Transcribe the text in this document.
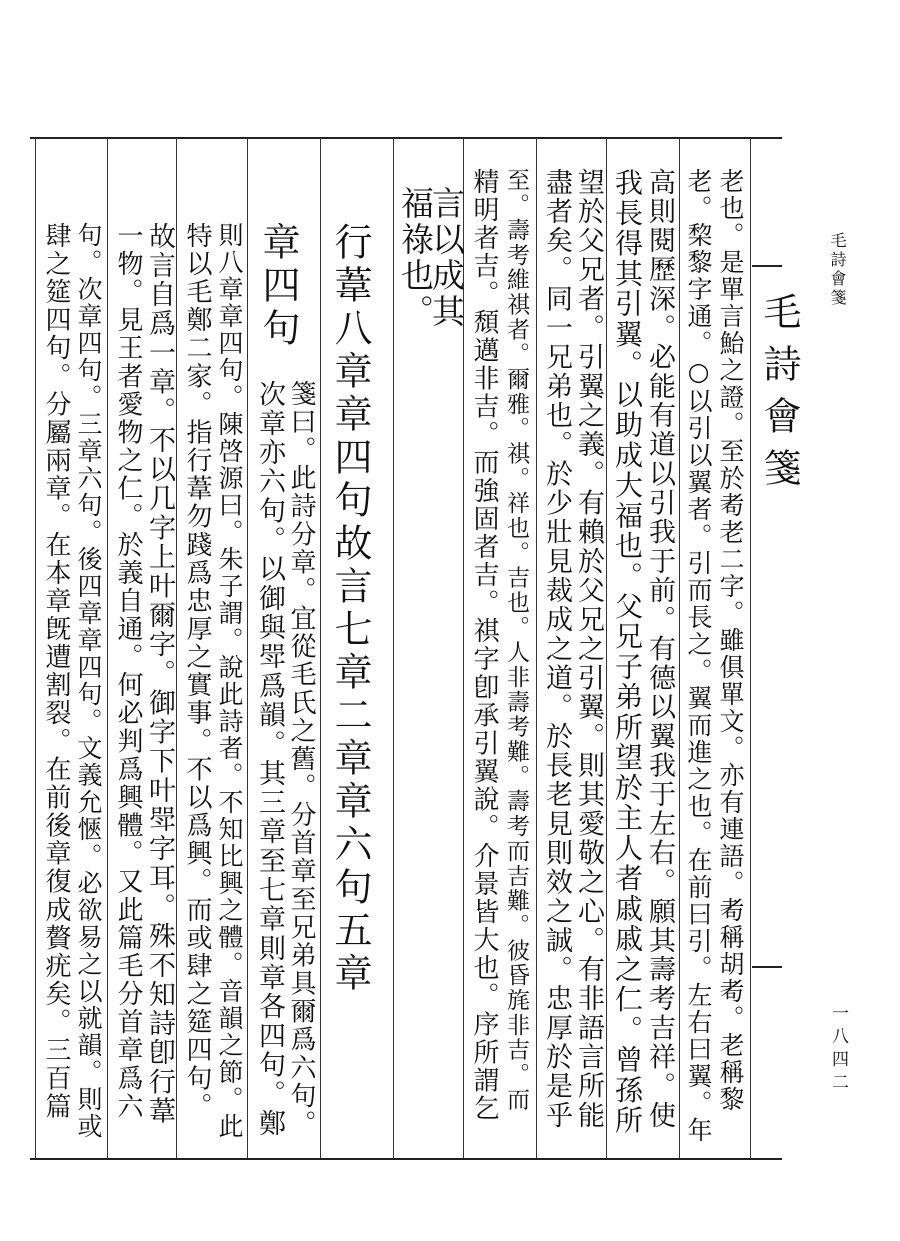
毛詩會箋
一八四二
毛詩會箋
老也。是單言鮐之證。至於耇老二字。雖俱單文。亦有連語。耇稱胡耇。老稱黎
老。棃黎字通。○以引以翼者。引而長之。翼而進之也。在前曰引。左右曰翼。年
高則閱歷深。必能有道以引我于前。有德以翼我于左右。願其壽考吉祥。使
我長得其引翼。以助成大福也。父兄子弟所望於主人者戚戚之仁。曾孫所
望於父兄者。引翼之義。有賴於父兄之引翼。則其愛敬之心。有非語言所能
盡者矣。同一兄弟也。於少壯見裁成之道。於長老見則效之誠。忠厚於是乎
至。壽考維祺者。爾雅。祺。祥也。吉也。人非壽考難。壽考而吉難。彼昏旄非吉。而
精明者吉。頹邁非吉。而強固者吉。祺字卽承引翼說。介景皆大也。序所謂乞
言以成其
福祿也。
行葦八章章四句故言七章二章章六句五章
章四句
箋曰。此詩分章。宜從毛氏之舊。分首章至兄弟具爾爲六句。
次章亦六句。以御與斝爲韻。其三章至七章則章各四句。鄭
則八章章四句。陳啓源曰。朱子謂。說此詩者。不知比興之體。音韻之節。此
特以毛鄭二家。指行葦勿踐爲忠厚之實事。不以爲興。而或肆之筵四句。
故言自爲一章。不以几字上叶爾字。御字下叶斝字耳。殊不知詩卽行葦
一物。見王者愛物之仁。於義自通。何必判爲興體。又此篇毛分首章爲六
句。次章四句。三章六句。後四章章四句。文義允愜。必欲易之以就韻。則或
肆之筵四句。分屬兩章。在本章旣遭割裂。在前後章復成贅疣矣。三百篇
